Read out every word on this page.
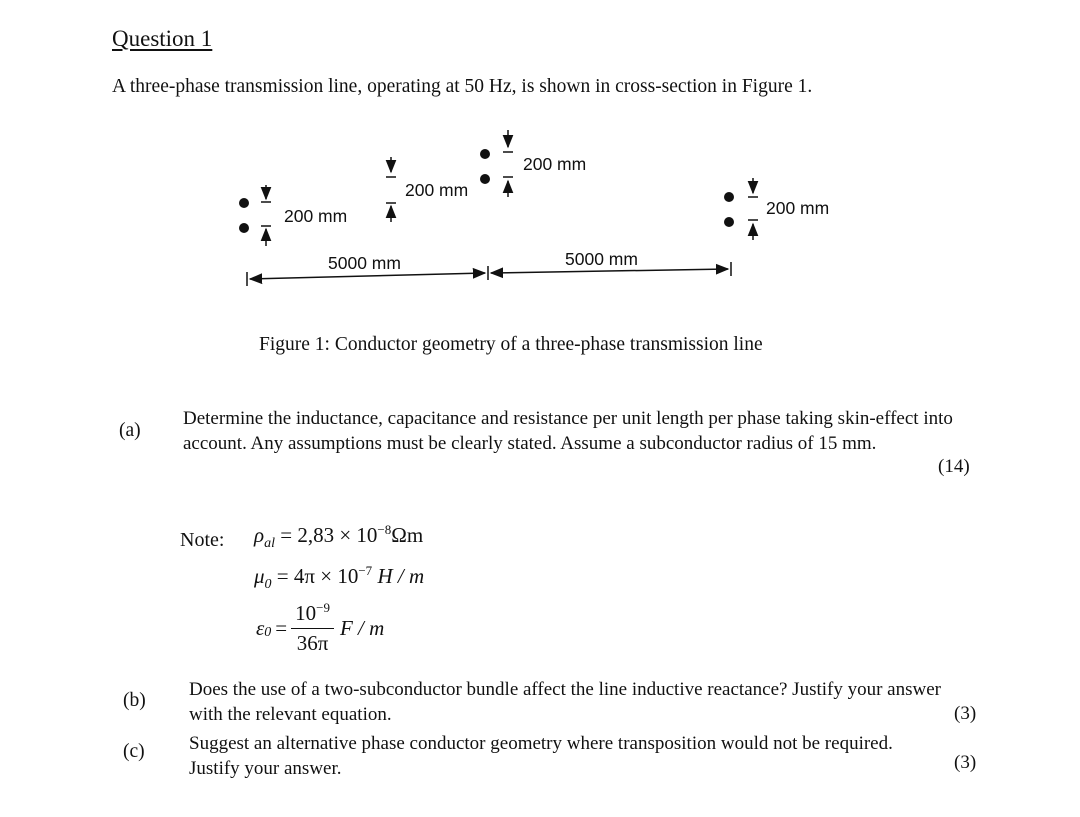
Question 1
A three-phase transmission line, operating at 50 Hz, is shown in cross-section in Figure 1.
200 mm
200 mm
200 mm
200 mm
5000 mm	5000 mm
Figure 1: Conductor geometry of a three-phase transmission line
(a)
Determine the inductance, capacitance and resistance per unit length per phase taking skin-effect into account. Any assumptions must be clearly stated. Assume a subconductor radius of 15 mm.
(14)
Note: $\rho_{al} = 2,83 \times 10^{-8}\Omega m$
$\mu_0 = 4\pi \times 10^{-7}$ H / m
$\varepsilon_0 = \frac{10^{-9}}{36\pi}$ F / m
(b)
Does the use of a two-subconductor bundle affect the line inductive reactance? Justify your answer with the relevant equation.	(3)
(c) Suggest an alternative phase conductor geometry where transposition would not be required. Justify your answer.	(3)
